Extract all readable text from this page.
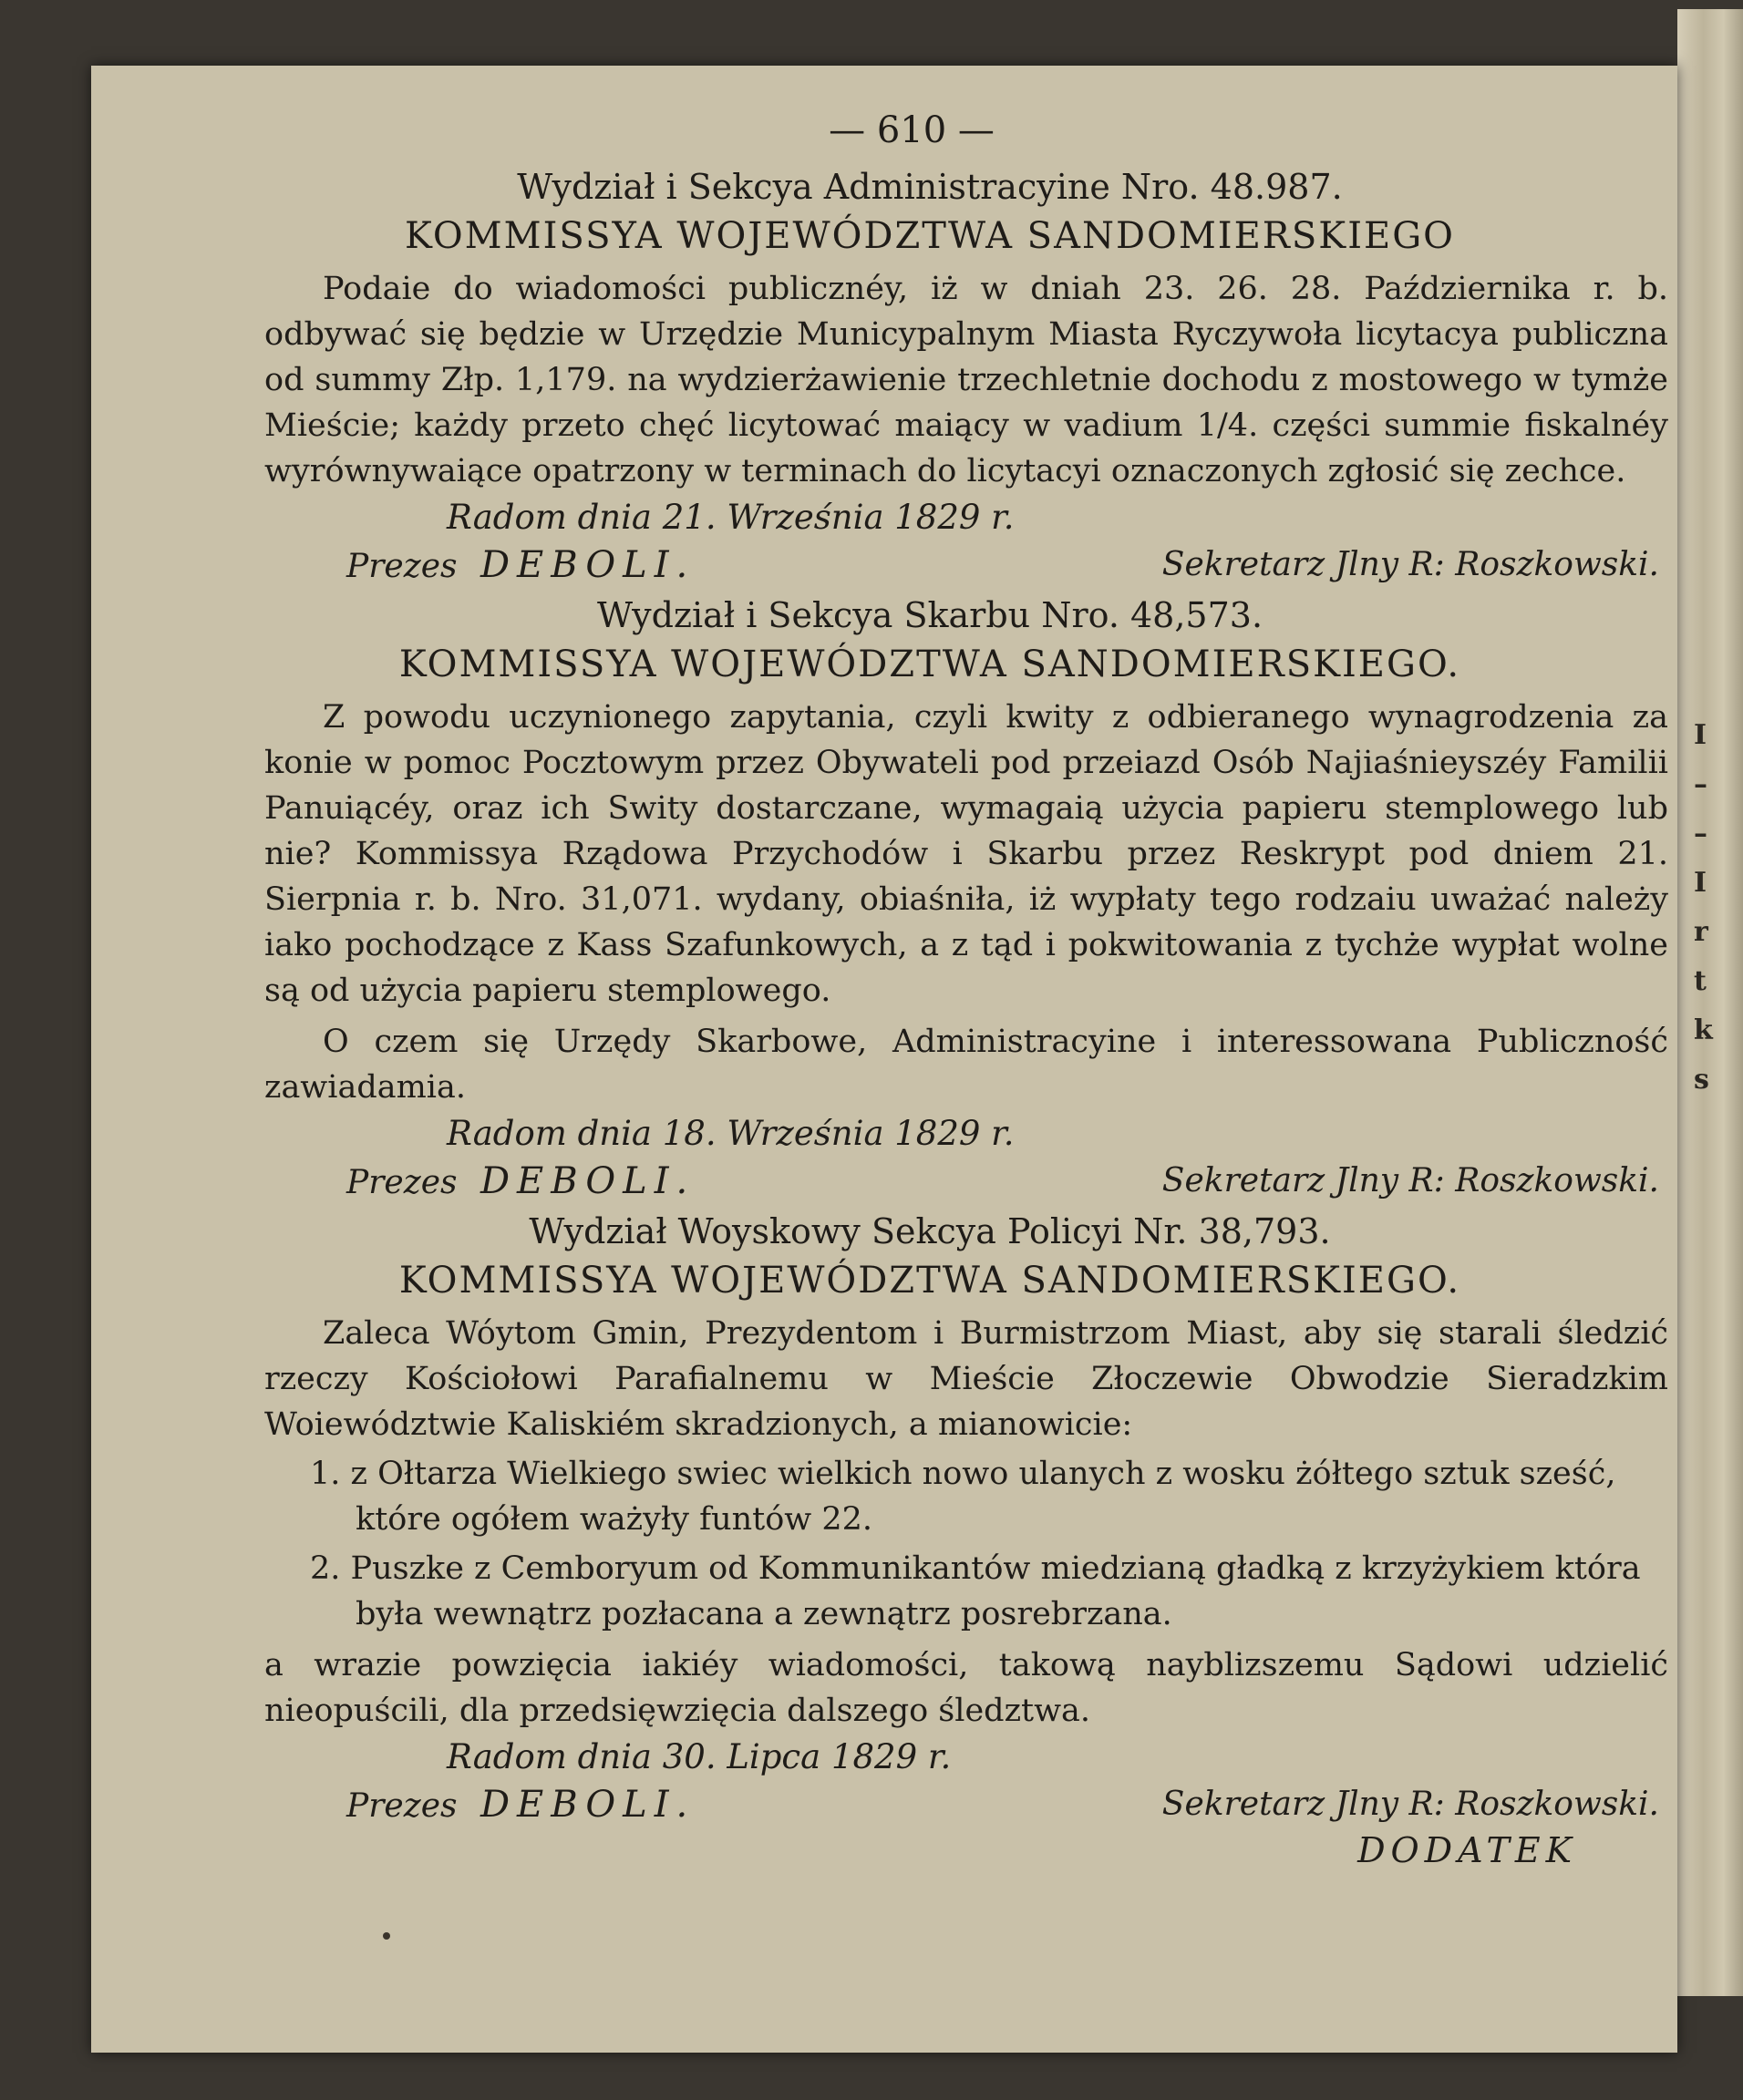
I
–
–
I
r
t
k
s
— 610 —
Wydział i Sekcya Administracyine Nro. 48.987.
KOMMISSYA WOJEWÓDZTWA SANDOMIERSKIEGO

Podaie do wiadomości publicznéy, iż w dniah 23. 26. 28. Października r. b. odbywać się będzie w Urzędzie Municypalnym Miasta Ryczywoła licytacya publiczna od summy Złp. 1,179. na wydzierżawienie trzechletnie dochodu z mostowego w tymże Mieście; każdy przeto chęć licytować maiący w vadium 1/4. części summie fiskalnéy wyrównywaiące opatrzony w terminach do licytacyi oznaczonych zgłosić się zechce.

Radom dnia 21. Września 1829 r.
Prezes DEBOLI.	Sekretarz Jlny R: Roszkowski.
Wydział i Sekcya Skarbu Nro. 48,573.
KOMMISSYA WOJEWÓDZTWA SANDOMIERSKIEGO.

Z powodu uczynionego zapytania, czyli kwity z odbieranego wynagrodzenia za konie w pomoc Pocztowym przez Obywateli pod przeiazd Osób Najiaśnieyszéy Familii Panuiącéy, oraz ich Swity dostarczane, wymagaią użycia papieru stemplowego lub nie? Kommissya Rządowa Przychodów i Skarbu przez Reskrypt pod dniem 21. Sierpnia r. b. Nro. 31,071. wydany, obiaśniła, iż wypłaty tego rodzaiu uważać należy iako pochodzące z Kass Szafunkowych, a z tąd i pokwitowania z tychże wypłat wolne są od użycia papieru stemplowego.

O czem się Urzędy Skarbowe, Administracyine i interessowana Publiczność zawiadamia.

Radom dnia 18. Września 1829 r.
Prezes DEBOLI.	Sekretarz Jlny R: Roszkowski.
Wydział Woyskowy Sekcya Policyi Nr. 38,793.
KOMMISSYA WOJEWÓDZTWA SANDOMIERSKIEGO.

Zaleca Wóytom Gmin, Prezydentom i Burmistrzom Miast, aby się starali śledzić rzeczy Kościołowi Parafialnemu w Mieście Złoczewie Obwodzie Sieradzkim Woiewództwie Kaliskiém skradzionych, a mianowicie:

1. z Ołtarza Wielkiego swiec wielkich nowo ulanych z wosku żółtego sztuk sześć, które ogółem ważyły funtów 22.
2. Puszke z Cemboryum od Kommunikantów miedzianą gładką z krzyżykiem która była wewnątrz pozłacana a zewnątrz posrebrzana.

a wrazie powzięcia iakiéy wiadomości, takową nayblizszemu Sądowi udzielić nieopuścili, dla przedsięwzięcia dalszego śledztwa.

Radom dnia 30. Lipca 1829 r.
Prezes DEBOLI.	Sekretarz Jlny R: Roszkowski.
DODATEK
